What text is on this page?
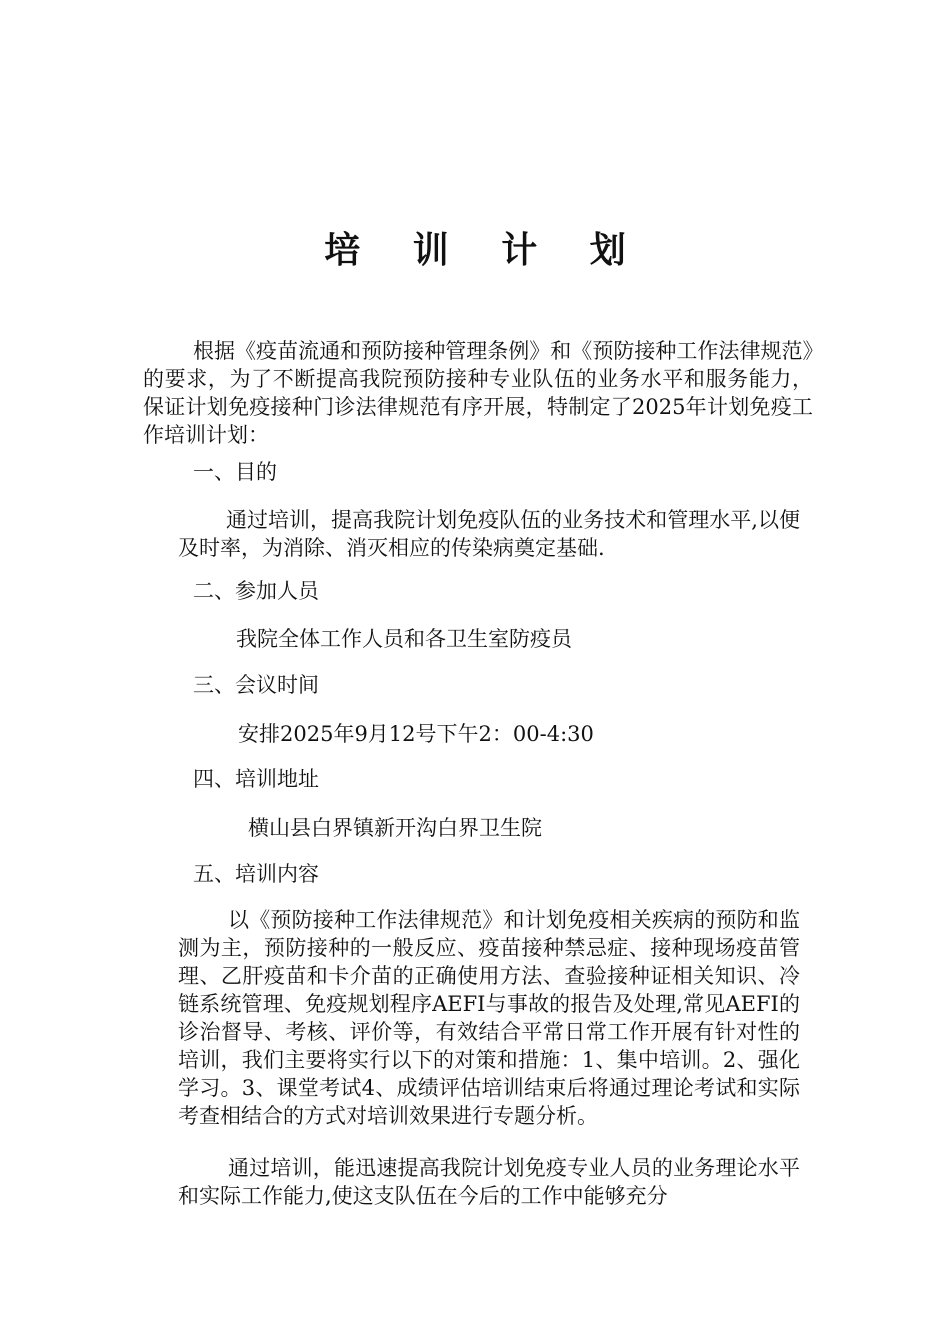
培 训 计 划
根据《疫苗流通和预防接种管理条例》和《预防接种工作法律规范》的要求，为了不断提高我院预防接种专业队伍的业务水平和服务能力，保证计划免疫接种门诊法律规范有序开展，特制定了2025年计划免疫工作培训计划：
一、目的
通过培训，提高我院计划免疫队伍的业务技术和管理水平,以便及时率，为消除、消灭相应的传染病奠定基础.
二、参加人员
我院全体工作人员和各卫生室防疫员
三、会议时间
安排2025年9月12号下午2：00-4:30
四、培训地址
横山县白界镇新开沟白界卫生院
五、培训内容
以《预防接种工作法律规范》和计划免疫相关疾病的预防和监测为主，预防接种的一般反应、疫苗接种禁忌症、接种现场疫苗管理、乙肝疫苗和卡介苗的正确使用方法、查验接种证相关知识、冷链系统管理、免疫规划程序AEFI与事故的报告及处理,常见AEFI的诊治督导、考核、评价等，有效结合平常日常工作开展有针对性的培训，我们主要将实行以下的对策和措施：1、集中培训。2、强化学习。3、课堂考试4、成绩评估培训结束后将通过理论考试和实际考查相结合的方式对培训效果进行专题分析。
通过培训，能迅速提高我院计划免疫专业人员的业务理论水平和实际工作能力,使这支队伍在今后的工作中能够充分
